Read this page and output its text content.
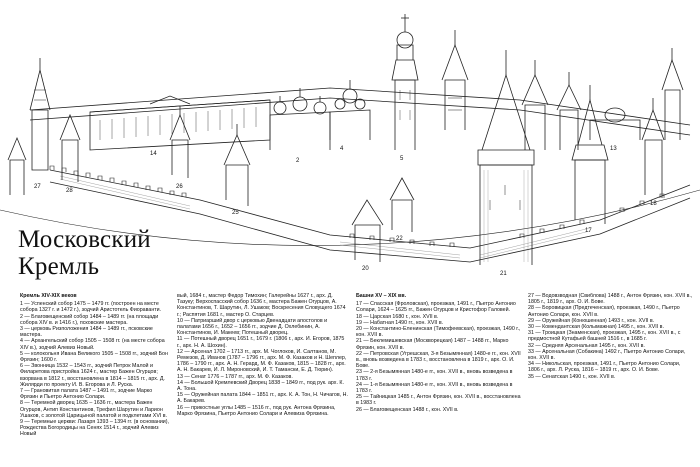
27
28
14
26
25
2
4
5
22
20
21
17
13
18
Московский
Кремль
Кремль XIV-XIX веков
1 — Успенский собор 1475 – 1479 гг. (построен на месте собора 1327 г. и 1472 г.), зодчий Аристотель Фиораванти.
2 — Благовещенский собор 1484 – 1489 гг. (на площади собора XIV в. и 1416 г.), псковские мастера.
3 — церковь Ризположения 1484 – 1489 гг., псковские мастера.
4 — Архангельский собор 1505 – 1508 гг. (на месте собора XIV в.), зодчий Алевиз Новый.
5 — колокольня Ивана Великого 1505 – 1508 гг., зодчий Бон Фрязин; 1600 г.
6 — Звонница 1532 – 1543 гг., зодчий Петрок Малой и Филаретова пристройка 1624 г., мастер Бажен Огурцов; взорвана в 1812 г., восстановлена в 1814 – 1815 гг., арх. Д. Жилярди по проекту И. В. Егорова и Л. Руска.
7 — Грановитая палата 1487 – 1491 гг., зодчие Марко Фрязин и Пьетро Антонио Солари.
8 — Теремной дворец 1635 – 1636 гг., мастера Бажен Огурцов, Антип Константинов, Трефил Шарутин и Ларион Ушаков, с золотой Царицыной палатой и подклетами XVI в.
9 — Теремные церкви: Лазаря 1393 – 1394 гг. (в основании), Рождества Богородицы на Сенях 1514 г., зодчий Алевиз Новый
вый, 1684 г., мастер Федор Тимохин; Галерейны 1627 г., арх. Д. Тазуку; Верхоспасский собор 1636 г., мастера Бажен Огурцов, А. Константинов, Т. Шарутин, Л. Ушаков; Воскресения Словущего 1674 г.; Распятия 1681 г., мастер О. Старцев.
10 — Патриарший двор с церковью Двенадцати апостолов и палатами 1656 г., 1652 – 1656 гг., зодчие Д. Охлебинин, А. Константинов, И. Макеев; Потешный дворец.
11 — Потешный дворец 1651 г., 1679 г. (1806 г., арх. И. Егоров, 1875 г., арх. Н. А. Шохин).
12 — Арсенал 1702 – 1713 гг., арх. М. Чоглоков, И. Салтанов, М. Ремезов, Д. Иванов (1787 – 1796 гг., арх. М. Ф. Казаков и Н. Шеплер, 1786 – 1790 гг., арх. А. Н. Герард, М. Ф. Казаков, 1815 – 1828 гг., арх. А. Н. Бакарев, И. Л. Мироновский, И. Т. Тамански, Е. Д. Тюрин).
13 — Сенат 1776 – 1787 гг., арх. М. Ф. Казаков.
14 — Большой Кремлевский Дворец 1838 – 1849 гг., под рук. арх. К. А. Тона.
15 — Оружейная палата 1844 – 1851 гг., арх. К. А. Тон, Н. Чичагов, Н. А. Бакарев.
16 — прикостные углы 1485 – 1516 гг., под рук. Антона Фрязина, Марко Фрязина, Пьетро Антонио Солари и Алевиза Фрязина.
Башни XV – XIX вв.
17 — Спасская (Фроловская), проезжая, 1491 г., Пьетро Антонио Солари, 1624 – 1625 гг., Бажен Огурцов и Кристофор Галовей.
18 — Царская 1680 г., кон. XVII в.
19 — Набатная 1490 гг., кон. XVII в.
20 — Константино-Еленинская (Тимофеевская), проезжая, 1490 г., кон. XVII в.
21 — Беклемишевская (Москворецкая) 1487 – 1488 гг., Марко Фрязин, кон. XVII в.
22 — Петровская (Угрешская, 3-я Безымянная) 1480-е гг., кон. XVII в., вновь возведена в 1783 г., восстановлена в 1819 г., арх. О. И. Бове.
23 — 2-я Безымянная 1480-е гг., кон. XVII в., вновь возведена в 1783 г.
24 — 1-я Безымянная 1480-е гг., кон. XVII в., вновь возведена в 1783 г.
25 — Тайницкая 1485 г., Антон Фрязин, кон. XVII в., восстановлена в 1983 г.
26 — Благовещенская 1488 г., кон. XVII в.
27 — Водовзводная (Свиблова) 1488 г., Антон Фрязин, кон. XVII в., 1805 г., 1819 г., арх. О. И. Бове.
28 — Боровицкая (Предтеченская), проезжая, 1490 г., Пьетро Антонио Солари, кон. XVII в.
29 — Оружейная (Конюшенная) 1493 г., кон. XVII в.
30 — Комендантская (Колымажная) 1495 г., кон. XVII в.
31 — Троицкая (Знаменская), проезжая, 1495 г., кон. XVII в., с предмостной Кутафьей башней 1516 г., в 1685 г.
32 — Средняя Арсенальная 1495 г., кон. XVII в.
33 — Арсенальная (Собакина) 1492 г., Пьетро Антонио Солари, кон. XVII в.
34 — Никольская, проезжая, 1491 г., Пьетро Антонио Солари, 1806 г., арх. Л. Руска, 1816 – 1819 гг., арх. О. И. Бове.
35 — Сенатская 1490 г., кон. XVII в.
